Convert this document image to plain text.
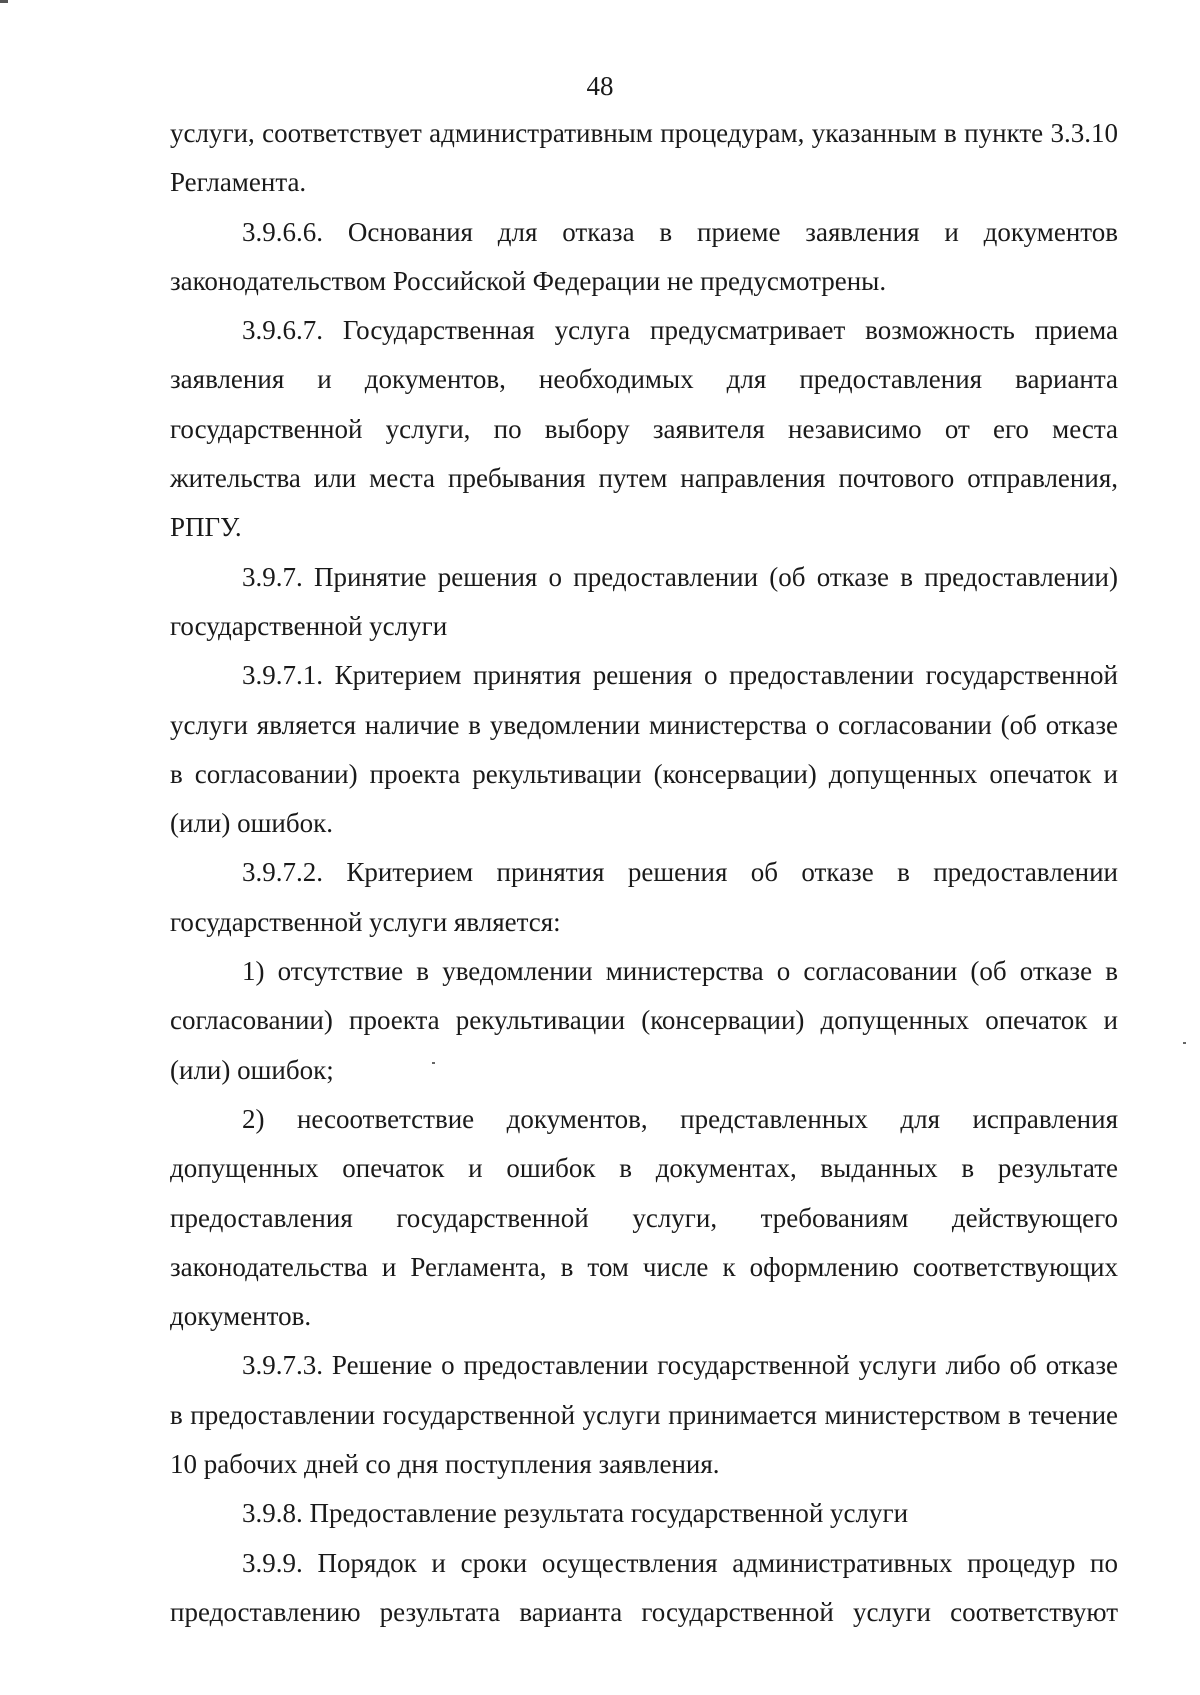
48

услуги, соответствует административным процедурам, указанным в пункте 3.3.10 Регламента.

3.9.6.6. Основания для отказа в приеме заявления и документов законодательством Российской Федерации не предусмотрены.

3.9.6.7. Государственная услуга предусматривает возможность приема заявления и документов, необходимых для предоставления варианта государственной услуги, по выбору заявителя независимо от его места жительства или места пребывания путем направления почтового отправления, РПГУ.

3.9.7. Принятие решения о предоставлении (об отказе в предоставлении) государственной услуги

3.9.7.1. Критерием принятия решения о предоставлении государственной услуги является наличие в уведомлении министерства о согласовании (об отказе в согласовании) проекта рекультивации (консервации) допущенных опечаток и (или) ошибок.

3.9.7.2. Критерием принятия решения об отказе в предоставлении государственной услуги является:

1) отсутствие в уведомлении министерства о согласовании (об отказе в согласовании) проекта рекультивации (консервации) допущенных опечаток и (или) ошибок;

2) несоответствие документов, представленных для исправления допущенных опечаток и ошибок в документах, выданных в результате предоставления государственной услуги, требованиям действующего законодательства и Регламента, в том числе к оформлению соответствующих документов.

3.9.7.3. Решение о предоставлении государственной услуги либо об отказе в предоставлении государственной услуги принимается министерством в течение 10 рабочих дней со дня поступления заявления.

3.9.8. Предоставление результата государственной услуги

3.9.9. Порядок и сроки осуществления административных процедур по предоставлению результата варианта государственной услуги соответствуют
